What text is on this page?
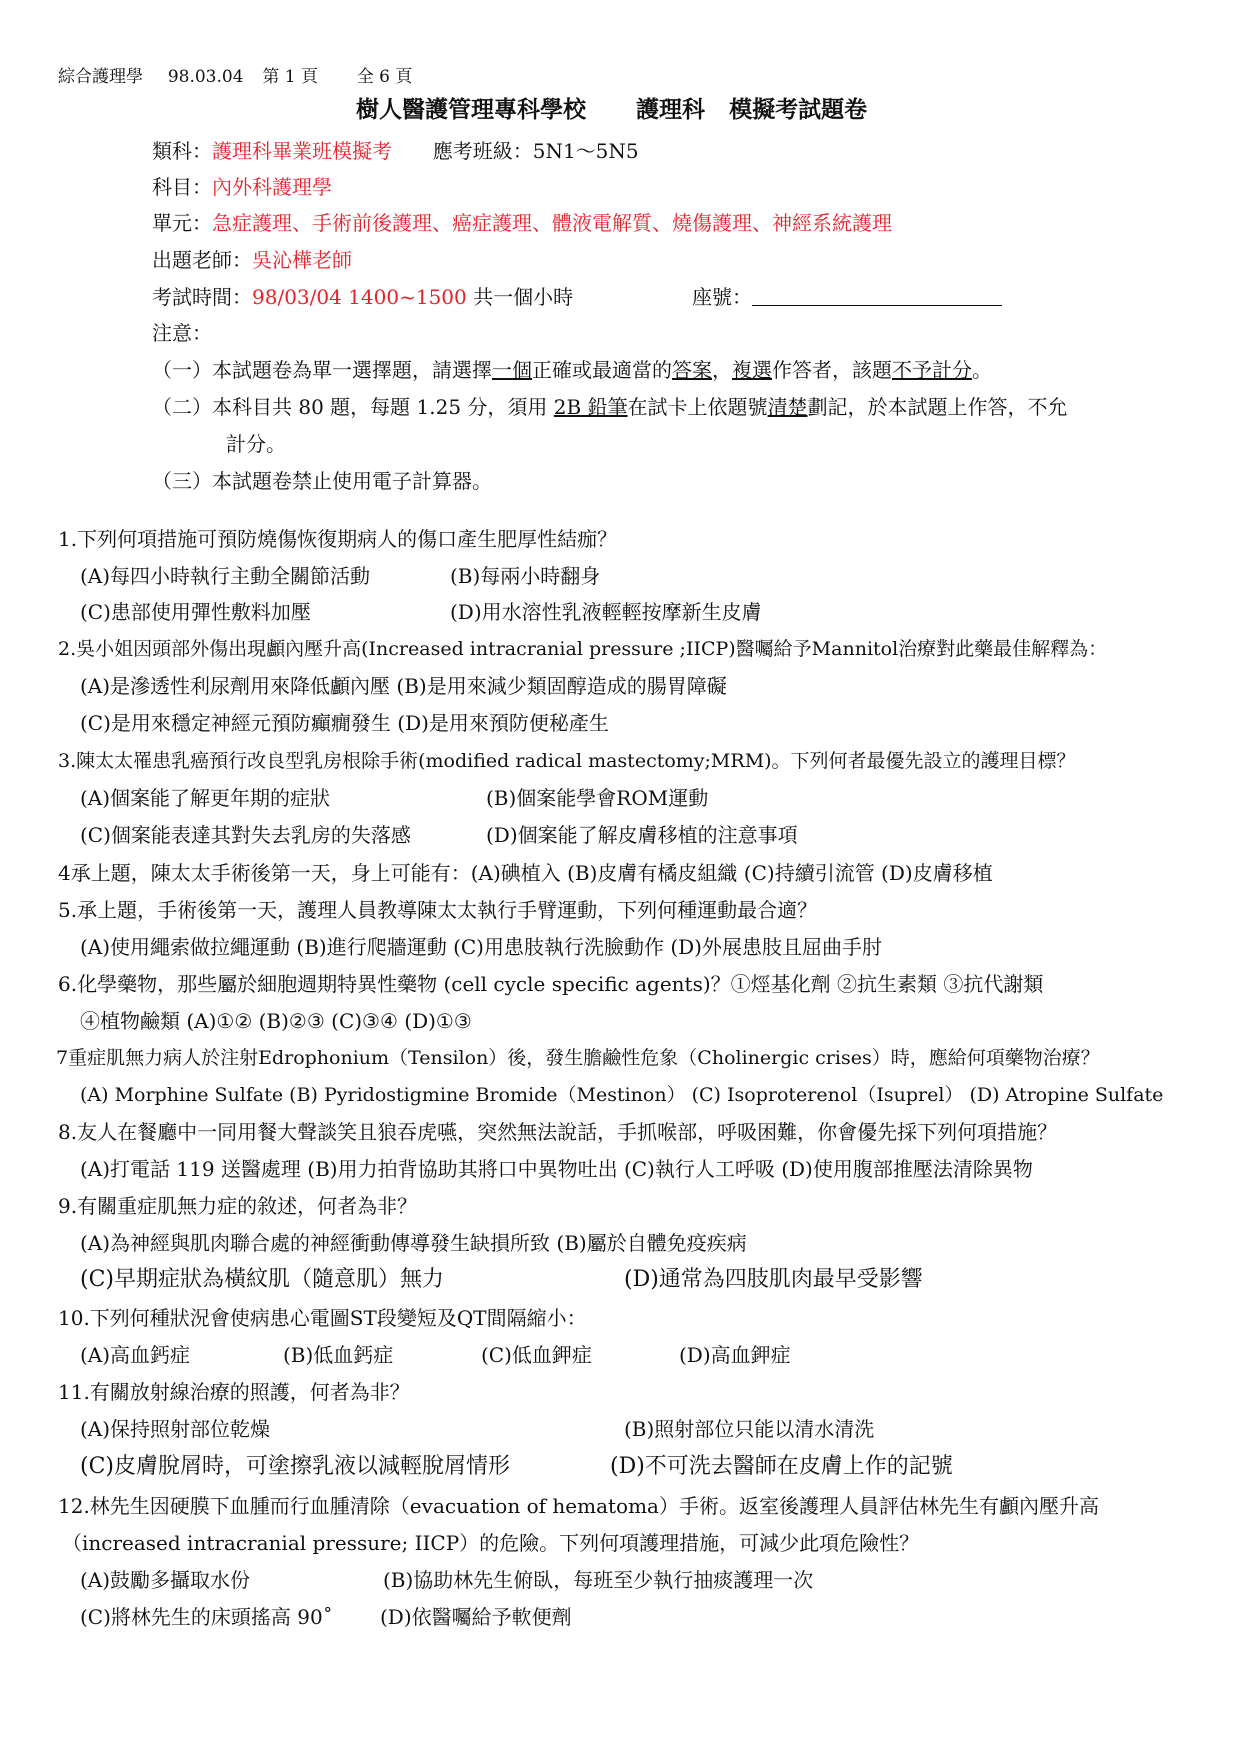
綜合護理學 98.03.04 第 1 頁 全 6 頁
樹人醫護管理專科學校 護理科 模擬考試題卷
類科：護理科畢業班模擬考 應考班級：5N1～5N5
科目：內外科護理學
單元：急症護理、手術前後護理、癌症護理、體液電解質、燒傷護理、神經系統護理
出題老師：吳沁樺老師
考試時間：98/03/04 1400~1500 共一個小時	座號：
注意：
（一）本試題卷為單一選擇題，請選擇一個正確或最適當的答案，複選作答者，該題不予計分。
（二）本科目共 80 題，每題 1.25 分，須用 2B 鉛筆在試卡上依題號清楚劃記，於本試題上作答，不允
計分。
（三）本試題卷禁止使用電子計算器。
1.下列何項措施可預防燒傷恢復期病人的傷口產生肥厚性結痂？
(A)每四小時執行主動全關節活動	(B)每兩小時翻身
(C)患部使用彈性敷料加壓	(D)用水溶性乳液輕輕按摩新生皮膚
2.吳小姐因頭部外傷出現顱內壓升高(Increased intracranial pressure ;IICP)醫囑給予Mannitol治療對此藥最佳解釋為：
(A)是滲透性利尿劑用來降低顱內壓 (B)是用來減少類固醇造成的腸胃障礙
(C)是用來穩定神經元預防癲癇發生 (D)是用來預防便秘產生
3.陳太太罹患乳癌預行改良型乳房根除手術(modified radical mastectomy;MRM)。下列何者最優先設立的護理目標？
(A)個案能了解更年期的症狀	(B)個案能學會ROM運動
(C)個案能表達其對失去乳房的失落感	(D)個案能了解皮膚移植的注意事項
4承上題，陳太太手術後第一天，身上可能有：(A)碘植入 (B)皮膚有橘皮組織 (C)持續引流管 (D)皮膚移植
5.承上題，手術後第一天，護理人員教導陳太太執行手臂運動，下列何種運動最合適？
(A)使用繩索做拉繩運動 (B)進行爬牆運動 (C)用患肢執行洗臉動作 (D)外展患肢且屈曲手肘
6.化學藥物，那些屬於細胞週期特異性藥物 (cell cycle specific agents)？①烴基化劑 ②抗生素類 ③抗代謝類
④植物鹼類 (A)①② (B)②③ (C)③④ (D)①③
7重症肌無力病人於注射Edrophonium（Tensilon）後，發生膽鹼性危象（Cholinergic crises）時，應給何項藥物治療？
(A) Morphine Sulfate (B) Pyridostigmine Bromide（Mestinon） (C) Isoproterenol（Isuprel） (D) Atropine Sulfate
8.友人在餐廳中一同用餐大聲談笑且狼吞虎嚥，突然無法說話，手抓喉部，呼吸困難，你會優先採下列何項措施？
(A)打電話 119 送醫處理 (B)用力拍背協助其將口中異物吐出 (C)執行人工呼吸 (D)使用腹部推壓法清除異物
9.有關重症肌無力症的敘述，何者為非？
(A)為神經與肌肉聯合處的神經衝動傳導發生缺損所致 (B)屬於自體免疫疾病
(C)早期症狀為橫紋肌（隨意肌）無力	(D)通常為四肢肌肉最早受影響
10.下列何種狀況會使病患心電圖ST段變短及QT間隔縮小：
(A)高血鈣症	(B)低血鈣症	(C)低血鉀症	(D)高血鉀症
11.有關放射線治療的照護，何者為非？
(A)保持照射部位乾燥	(B)照射部位只能以清水清洗
(C)皮膚脫屑時，可塗擦乳液以減輕脫屑情形	(D)不可洗去醫師在皮膚上作的記號
12.林先生因硬膜下血腫而行血腫清除（evacuation of hematoma）手術。返室後護理人員評估林先生有顱內壓升高
（increased intracranial pressure; IICP）的危險。下列何項護理措施，可減少此項危險性？
(A)鼓勵多攝取水份	(B)協助林先生俯臥，每班至少執行抽痰護理一次
(C)將林先生的床頭搖高 90˚ (D)依醫囑給予軟便劑
